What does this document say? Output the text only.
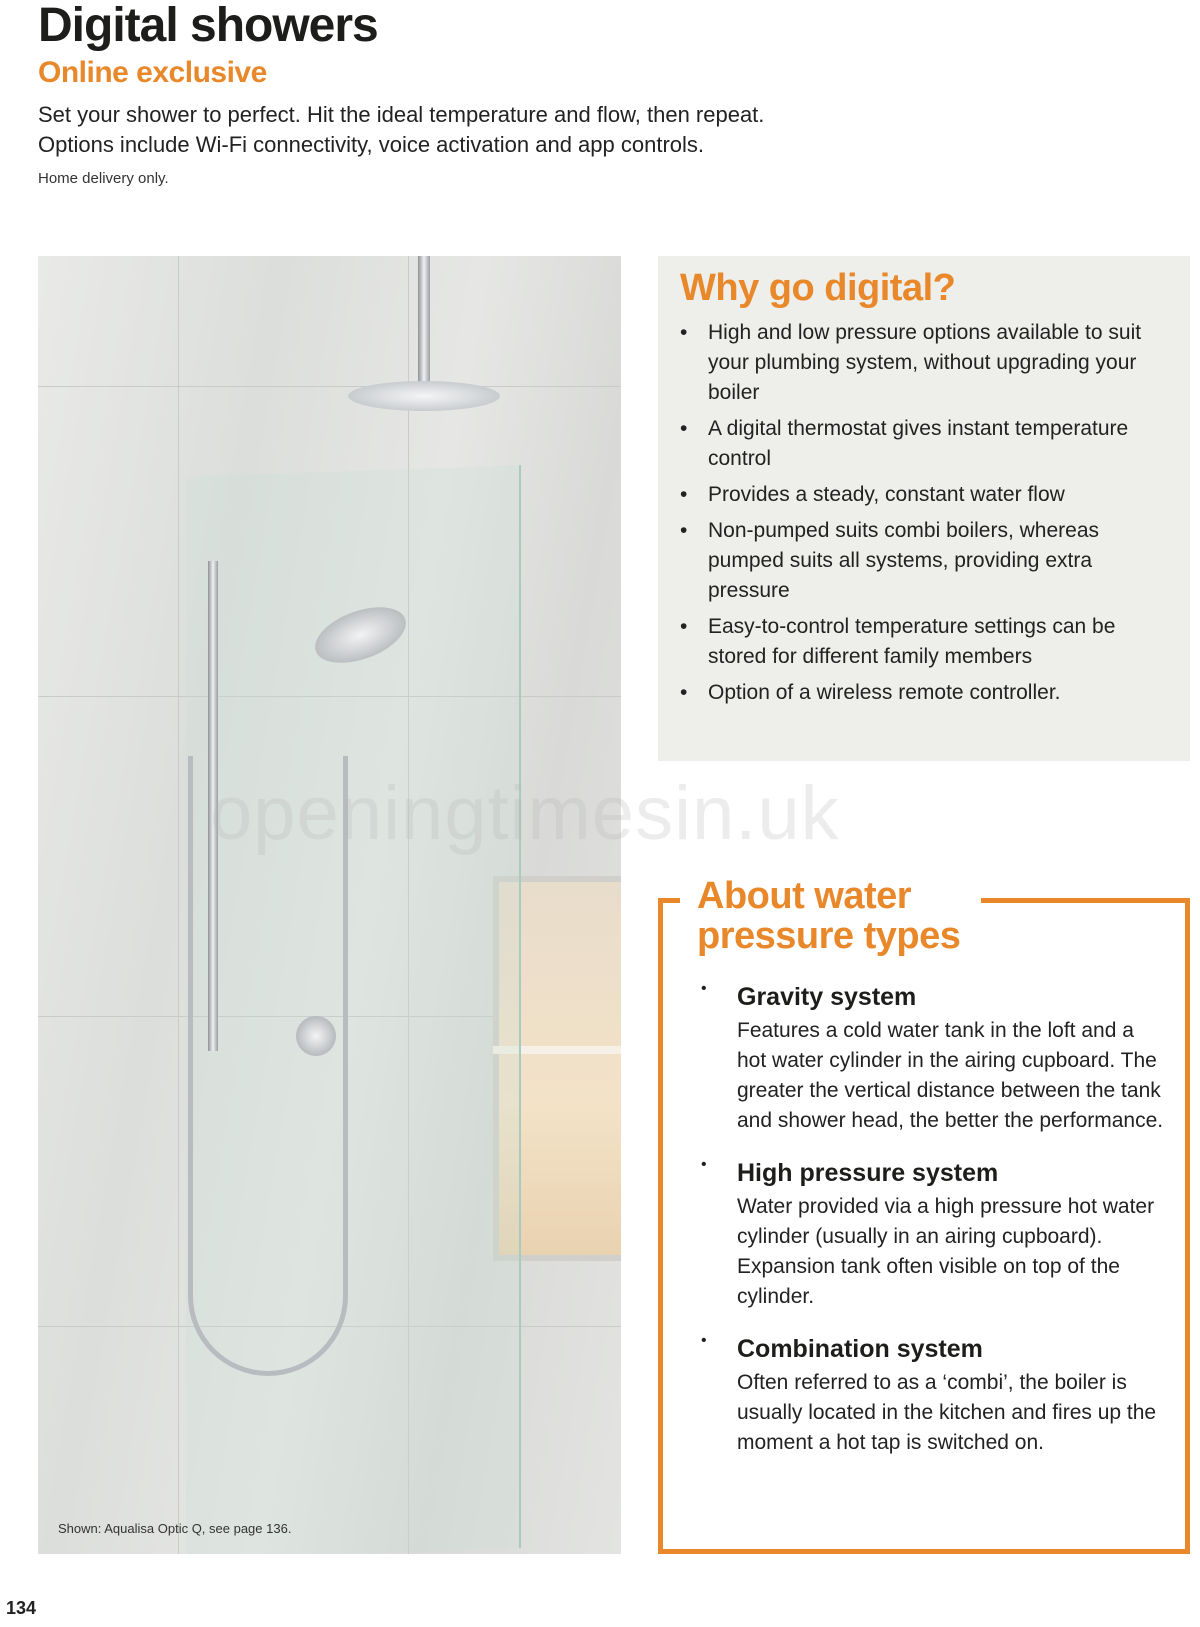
Digital showers
Online exclusive
Set your shower to perfect. Hit the ideal temperature and flow, then repeat.
Options include Wi-Fi connectivity, voice activation and app controls.
Home delivery only.
Shown: Aqualisa Optic Q, see page 136.
Why go digital?
• High and low pressure options available to suit your plumbing system, without upgrading your boiler
• A digital thermostat gives instant temperature control
• Provides a steady, constant water flow
• Non-pumped suits combi boilers, whereas pumped suits all systems, providing extra pressure
• Easy-to-control temperature settings can be stored for different family members
• Option of a wireless remote controller.
openingtimesin.uk
About water pressure types
• Gravity system

Features a cold water tank in the loft and a hot water cylinder in the airing cupboard. The greater the vertical distance between the tank and shower head, the better the performance.

• High pressure system

Water provided via a high pressure hot water cylinder (usually in an airing cupboard). Expansion tank often visible on top of the cylinder.

• Combination system

Often referred to as a ‘combi’, the boiler is usually located in the kitchen and fires up the moment a hot tap is switched on.

134
